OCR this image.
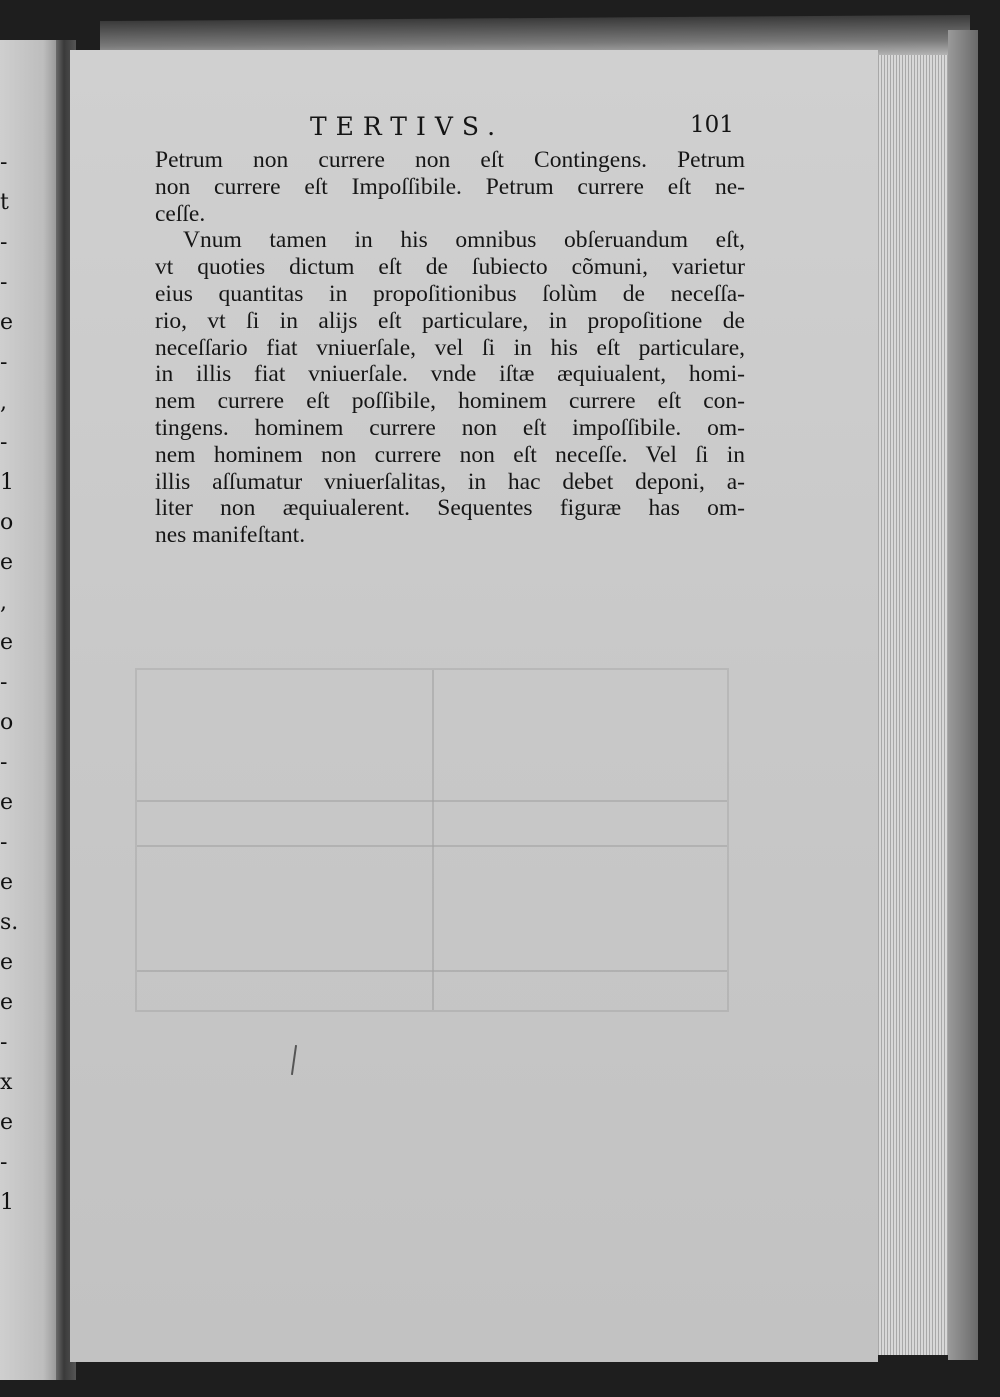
-
t
-
-
e
-
,
-
1
o
e
,
e
-
o
-
e
-
e
s.
e
e
-
x
e
-
1
TERTIVS.	101
Petrum non currere non eſt Contingens. Petrum
non currere eſt Impoſſibile. Petrum currere eſt ne-
ceſſe.
Vnum tamen in his omnibus obſeruandum eſt,
vt quoties dictum eſt de ſubiecto cõmuni, varietur
eius quantitas in propoſitionibus ſolùm de neceſſa-
rio, vt ſi in alijs eſt particulare, in propoſitione de
neceſſario fiat vniuerſale, vel ſi in his eſt particulare,
in illis fiat vniuerſale. vnde iſtæ æquiualent, homi-
nem currere eſt poſſibile, hominem currere eſt con-
tingens. hominem currere non eſt impoſſibile. om-
nem hominem non currere non eſt neceſſe. Vel ſi in
illis aſſumatur vniuerſalitas, in hac debet deponi, a-
liter non æquiualerent. Sequentes figuræ has om-
nes manifeſtant.
